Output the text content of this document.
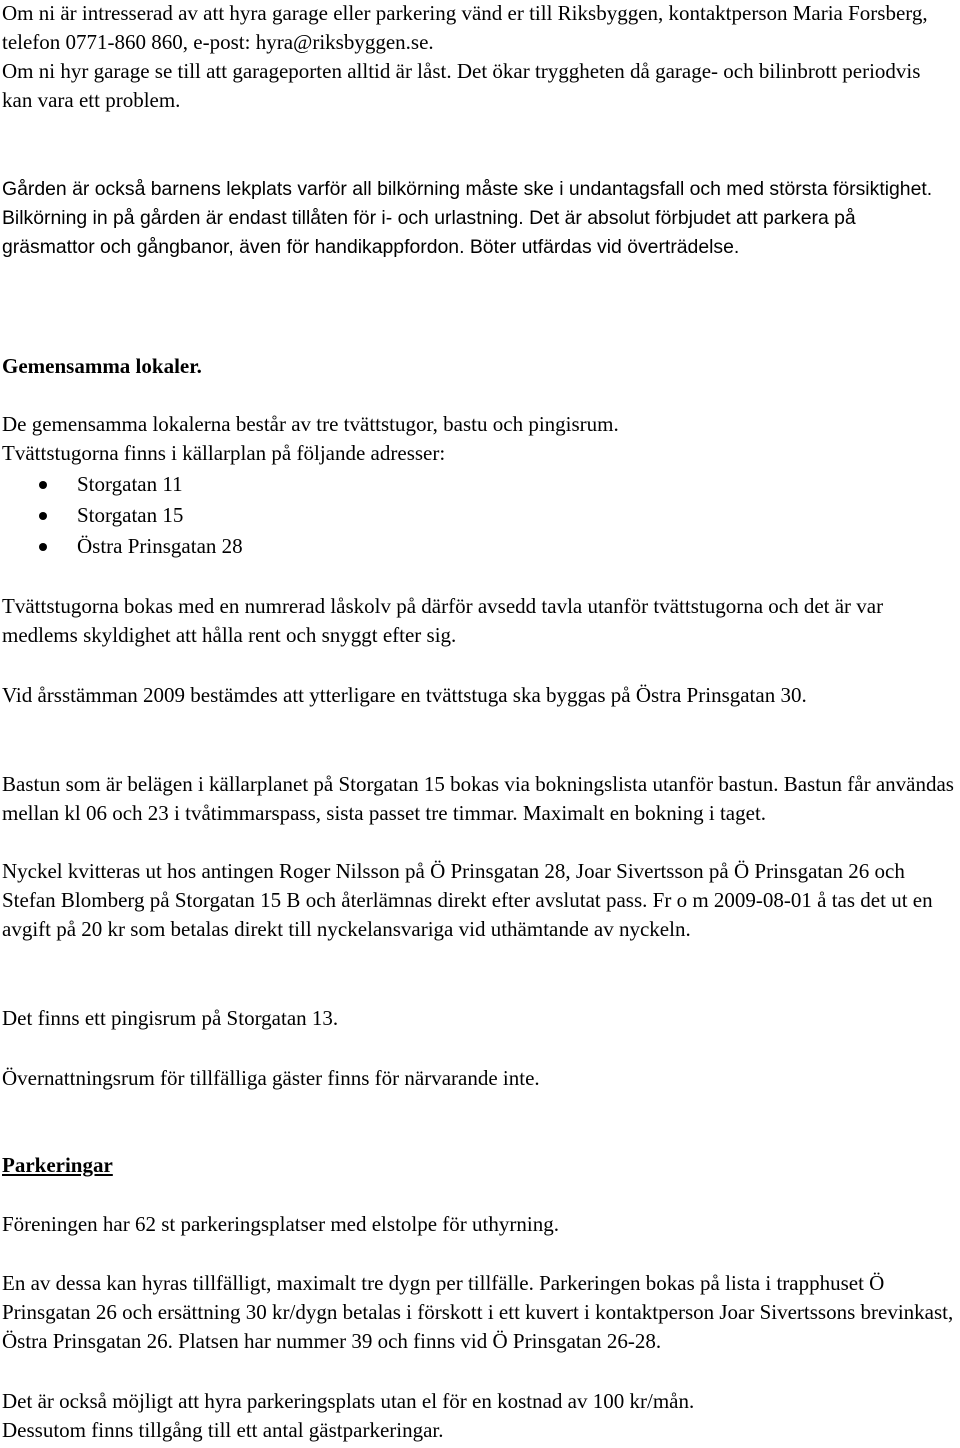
Om ni är intresserad av att hyra garage eller parkering vänd er till Riksbyggen, kontaktperson Maria Forsberg, telefon 0771-860 860, e-post: hyra@riksbyggen.se.

Om ni hyr garage se till att garageporten alltid är låst. Det ökar tryggheten då garage- och bilinbrott periodvis kan vara ett problem.

Gården är också barnens lekplats varför all bilkörning måste ske i undantagsfall och med största försiktighet. Bilkörning in på gården är endast tillåten för i- och urlastning. Det är absolut förbjudet att parkera på gräsmattor och gångbanor, även för handikappfordon. Böter utfärdas vid överträdelse.

Gemensamma lokaler.

De gemensamma lokalerna består av tre tvättstugor, bastu och pingisrum.

Tvättstugorna finns i källarplan på följande adresser:

Storgatan 11
Storgatan 15
Östra Prinsgatan 28

Tvättstugorna bokas med en numrerad låskolv på därför avsedd tavla utanför tvättstugorna och det är var medlems skyldighet att hålla rent och snyggt efter sig.

Vid årsstämman 2009 bestämdes att ytterligare en tvättstuga ska byggas på Östra Prinsgatan 30.

Bastun som är belägen i källarplanet på Storgatan 15 bokas via bokningslista utanför bastun. Bastun får användas mellan kl 06 och 23 i tvåtimmarspass, sista passet tre timmar. Maximalt en bokning i taget.

Nyckel kvitteras ut hos antingen Roger Nilsson på Ö Prinsgatan 28, Joar Sivertsson på Ö Prinsgatan 26 och Stefan Blomberg på Storgatan 15 B och återlämnas direkt efter avslutat pass. Fr o m 2009-08-01 å tas det ut en avgift på 20 kr som betalas direkt till nyckelansvariga vid uthämtande av nyckeln.

Det finns ett pingisrum på Storgatan 13.

Övernattningsrum för tillfälliga gäster finns för närvarande inte.

Parkeringar

Föreningen har 62 st parkeringsplatser med elstolpe för uthyrning.

En av dessa kan hyras tillfälligt, maximalt tre dygn per tillfälle. Parkeringen bokas på lista i trapphuset Ö Prinsgatan 26 och ersättning 30 kr/dygn betalas i förskott i ett kuvert i kontaktperson Joar Sivertssons brevinkast, Östra Prinsgatan 26. Platsen har nummer 39 och finns vid Ö Prinsgatan 26-28.

Det är också möjligt att hyra parkeringsplats utan el för en kostnad av 100 kr/mån.

Dessutom finns tillgång till ett antal gästparkeringar.
